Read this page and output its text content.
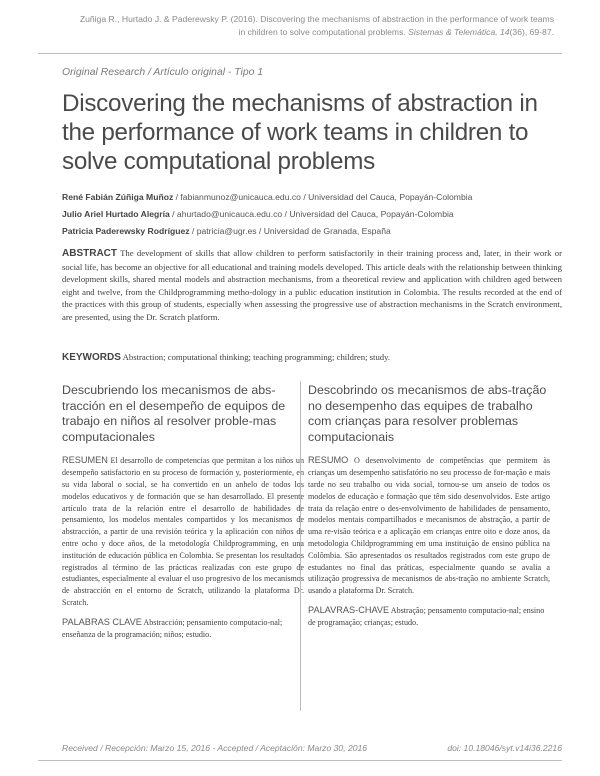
Zuñiga R., Hurtado J. & Paderewsky P. (2016). Discovering the mechanisms of abstraction in the performance of work teams
in children to solve computational problems. Sistemas & Telemática, 14(36), 69-87.
Original Research / Artículo original - Tipo 1
Discovering the mechanisms of abstraction in the performance of work teams in children to solve computational problems
René Fabián Zúñiga Muñoz / fabianmunoz@unicauca.edu.co / Universidad del Cauca, Popayán-Colombia
Julio Ariel Hurtado Alegría / ahurtado@unicauca.edu.co / Universidad del Cauca, Popayán-Colombia
Patricia Paderewsky Rodríguez / patricia@ugr.es / Universidad de Granada, España

ABSTRACT The development of skills that allow children to perform satisfactorily in their training process and, later, in their work or social life, has become an objective for all educational and training models developed. This article deals with the relationship between thinking development skills, shared mental models and abstraction mechanisms, from a theoretical review and application with children aged between eight and twelve, from the Childprogramming metho-dology in a public education institution in Colombia. The results recorded at the end of the practices with this group of students, especially when assessing the progressive use of abstraction mechanisms in the Scratch environment, are presented, using the Dr. Scratch platform.

KEYWORDS Abstraction; computational thinking; teaching programming; children; study.

Descubriendo los mecanismos de abs-tracción en el desempeño de equipos de trabajo en niños al resolver proble-mas computacionales

RESUMEN El desarrollo de competencias que permitan a los niños un desempeño satisfactorio en su proceso de formación y, posteriormente, en su vida laboral o social, se ha convertido en un anhelo de todos los modelos educativos y de formación que se han desarrollado. El presente artículo trata de la relación entre el desarrollo de habilidades de pensamiento, los modelos mentales compartidos y los mecanismos de abstracción, a partir de una revisión teórica y la aplicación con niños de entre ocho y doce años, de la metodología Childprogramming, en una institución de educación pública en Colombia. Se presentan los resultados registrados al término de las prácticas realizadas con este grupo de estudiantes, especialmente al evaluar el uso progresivo de los mecanismos de abstracción en el entorno de Scratch, utilizando la plataforma Dr. Scratch.

PALABRAS CLAVE Abstracción; pensamiento computacio-nal; enseñanza de la programación; niños; estudio.

Descobrindo os mecanismos de abs-tração no desempenho das equipes de trabalho com crianças para resolver problemas computacionais

RESUMO O desenvolvimento de competências que permitem às crianças um desempenho satisfatório no seu processo de for-mação e mais tarde no seu trabalho ou vida social, tornou-se um anseio de todos os modelos de educação e formação que têm sido desenvolvidos. Este artigo trata da relação entre o des-envolvimento de habilidades de pensamento, modelos mentais compartilhados e mecanismos de abstração, a partir de uma re-visão teórica e a aplicação em crianças entre oito e doze anos, da metodologia Childprogramming em uma instituição de ensino pública na Colômbia. São apresentados os resultados registrados com este grupo de estudantes no final das práticas, especialmente quando se avalia a utilização progressiva de mecanismos de abs-tração no ambiente Scratch, usando a plataforma Dr. Scratch.

PALAVRAS-CHAVE Abstração; pensamento computacio-nal; ensino de programação; crianças; estudo.

Received / Recepción: Marzo 15, 2016 - Accepted / Aceptación: Marzo 30, 2016	doi: 10.18046/syt.v14i36.2216
